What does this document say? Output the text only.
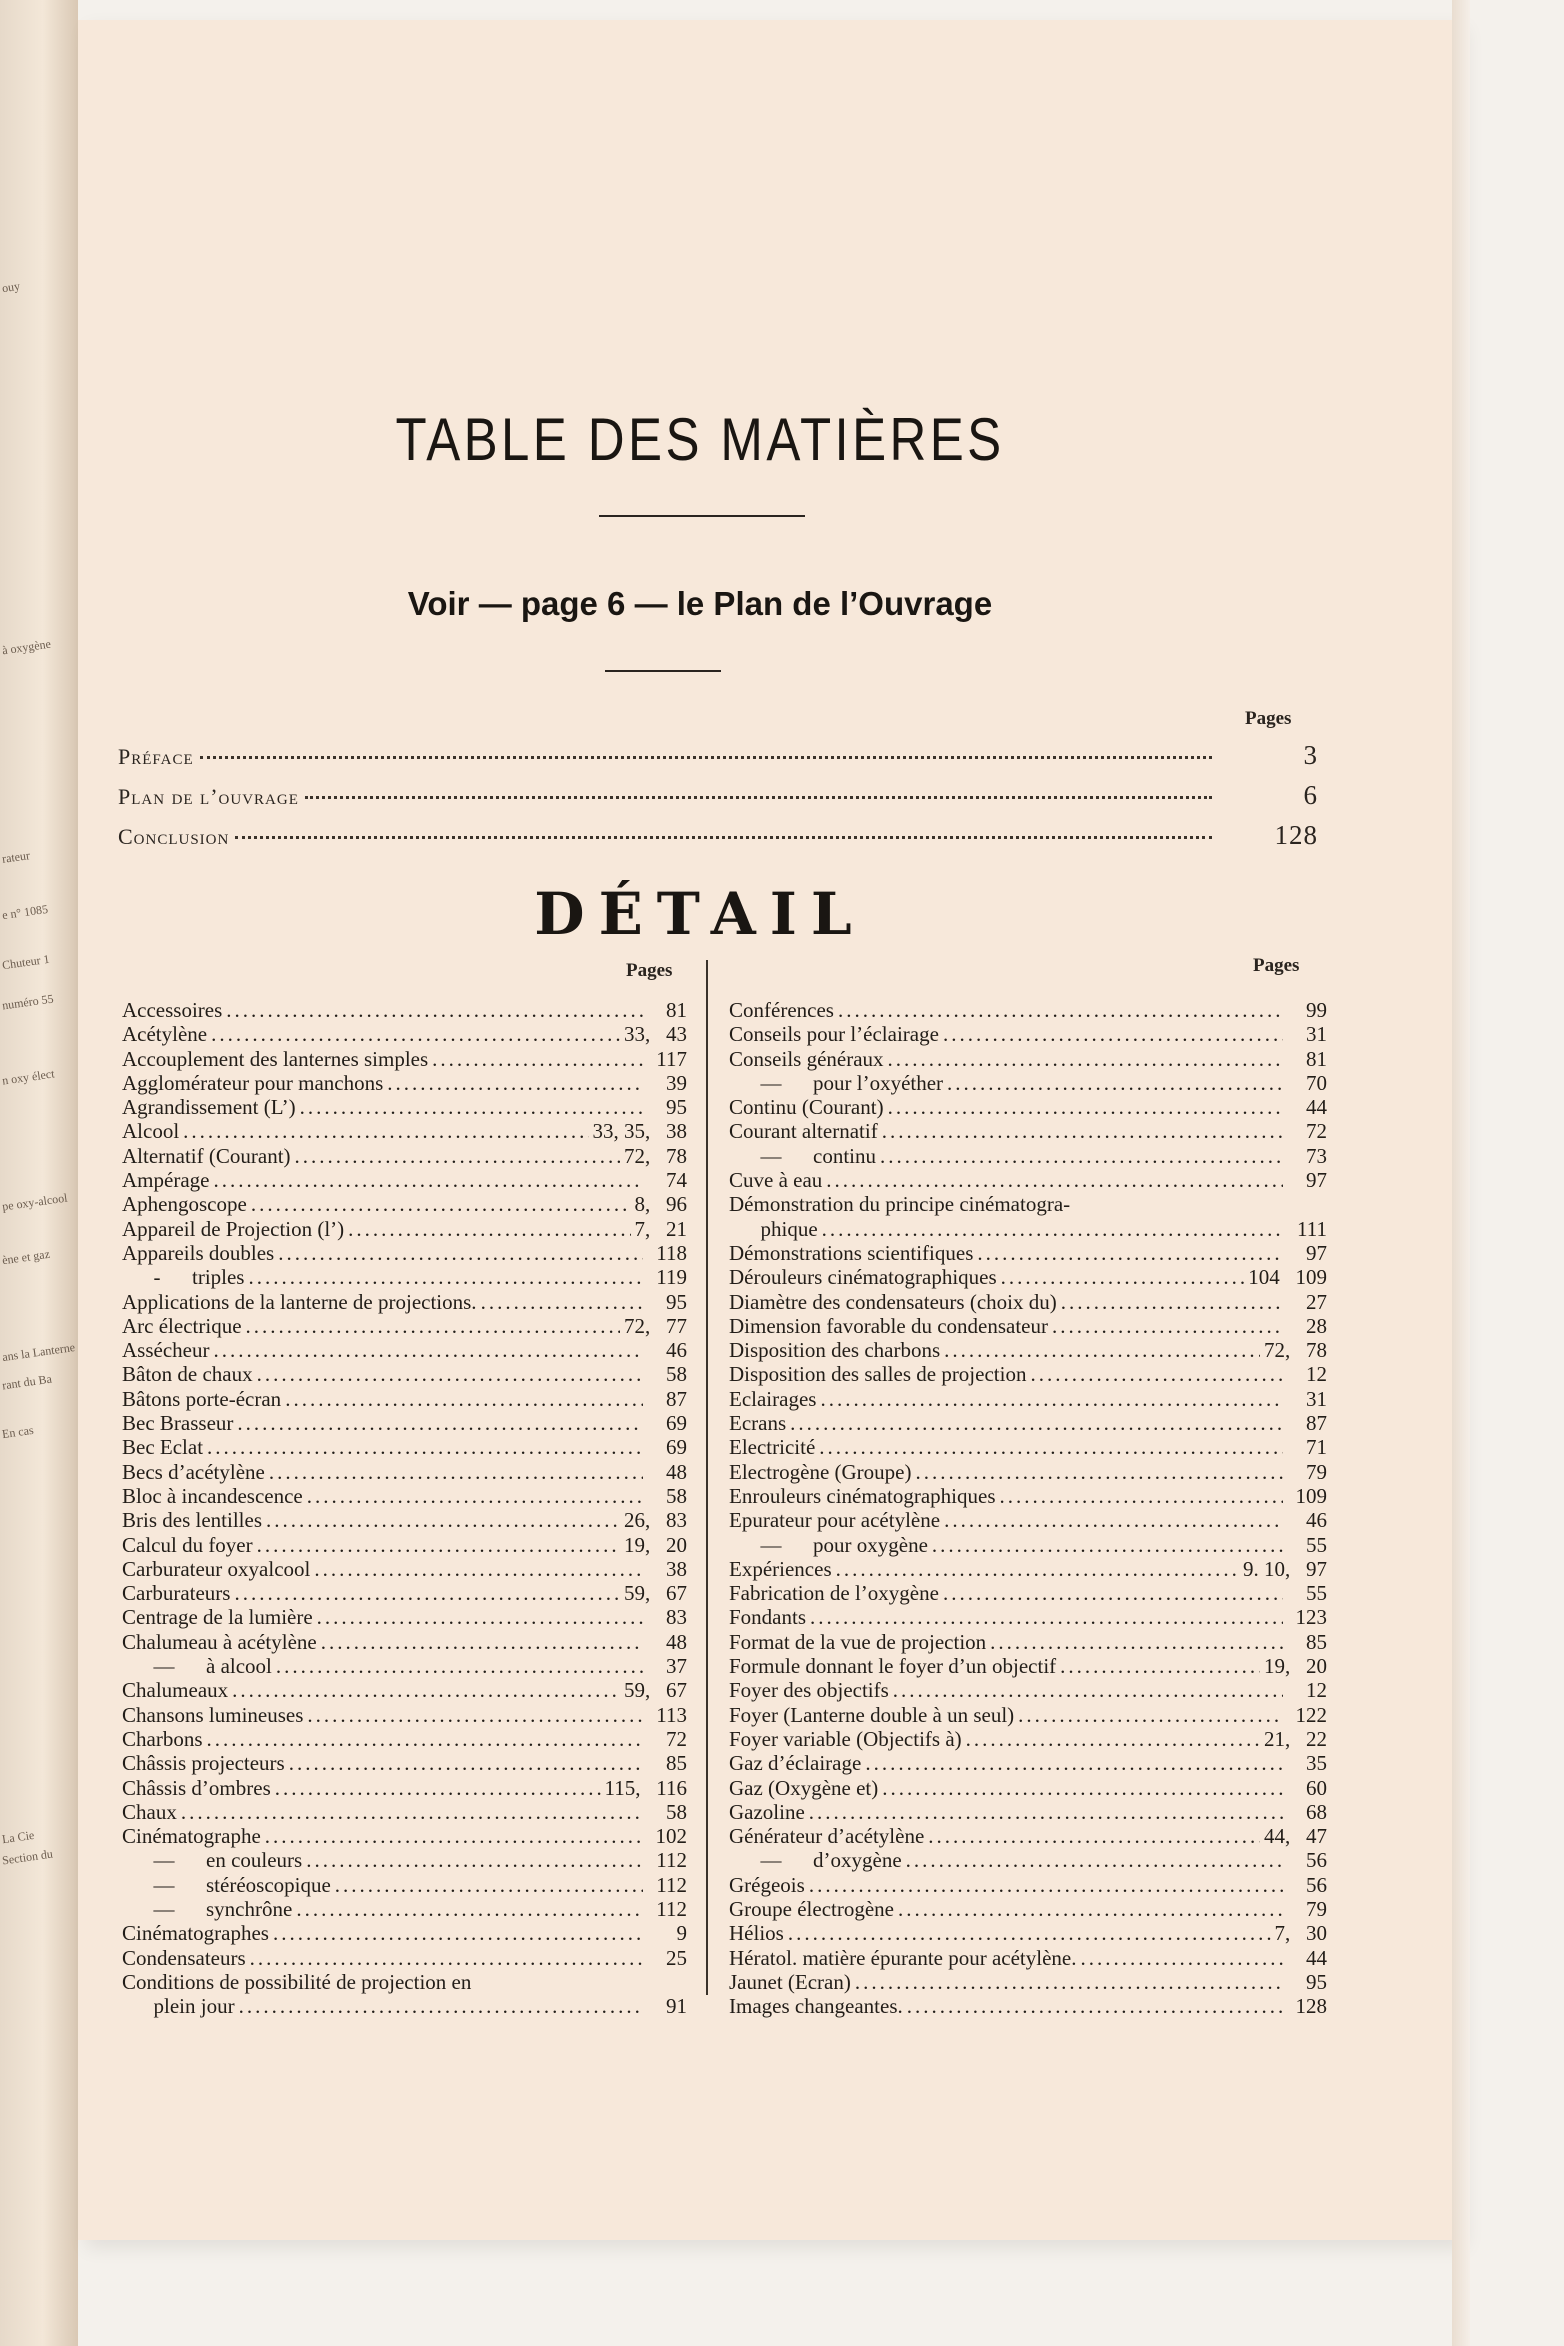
ouy
à oxygène
rateur
e n° 1085
Chuteur 1
numéro 55
n oxy élect
pe oxy-alcool
ène et gaz
ans la Lanterne
rant du Ba
En cas
La Cie
Section du
TABLE DES MATIÈRES
Voir — page 6 — le Plan de l’Ouvrage
Pages
Préface	3
Plan de l’ouvrage	6
Conclusion	128
DÉTAIL
Pages	Pages
Accessoires .....	81
Acétylène .....	33,   43
Accouplement des lanternes simples .....	117
Agglomérateur pour manchons .....	39
Agrandissement (L’) .....	95
Alcool .....	33, 35,   38
Alternatif (Courant) .....	72,   78
Ampérage .....	74
Aphengoscope .....	8,   96
Appareil de Projection (l’) .....	7,   21
Appareils doubles .....	118
-      triples .....	119
Applications de la lanterne de projections. .....	95
Arc électrique .....	72,   77
Assécheur .....	46
Bâton de chaux .....	58
Bâtons porte-écran .....	87
Bec Brasseur .....	69
Bec Eclat .....	69
Becs d’acétylène .....	48
Bloc à incandescence .....	58
Bris des lentilles .....	26,   83
Calcul du foyer .....	19,   20
Carburateur oxyalcool .....	38
Carburateurs .....	59,   67
Centrage de la lumière .....	83
Chalumeau à acétylène .....	48
—      à alcool .....	37
Chalumeaux .....	59,   67
Chansons lumineuses .....	113
Charbons .....	72
Châssis projecteurs .....	85
Châssis d’ombres .....	115,   116
Chaux .....	58
Cinématographe .....	102
—      en couleurs .....	112
—      stéréoscopique .....	112
—      synchrône .....	112
Cinématographes .....	9
Condensateurs .....	25
Conditions de possibilité de projection en
plein jour .....	91
Conférences .....	99
Conseils pour l’éclairage .....	31
Conseils généraux .....	81
—      pour l’oxyéther .....	70
Continu (Courant) .....	44
Courant alternatif .....	72
—      continu .....	73
Cuve à eau .....	97
Démonstration du principe cinématogra-
phique .....	111
Démonstrations scientifiques .....	97
Dérouleurs cinématographiques .....	104   109
Diamètre des condensateurs (choix du) .....	27
Dimension favorable du condensateur .....	28
Disposition des charbons .....	72,   78
Disposition des salles de projection .....	12
Eclairages .....	31
Ecrans .....	87
Electricité .....	71
Electrogène (Groupe) .....	79
Enrouleurs cinématographiques .....	109
Epurateur pour acétylène .....	46
—      pour oxygène .....	55
Expériences .....	9. 10,   97
Fabrication de l’oxygène .....	55
Fondants .....	123
Format de la vue de projection .....	85
Formule donnant le foyer d’un objectif .....	19,   20
Foyer des objectifs .....	12
Foyer (Lanterne double à un seul) .....	122
Foyer variable (Objectifs à) .....	21,   22
Gaz d’éclairage .....	35
Gaz (Oxygène et) .....	60
Gazoline .....	68
Générateur d’acétylène .....	44,   47
—      d’oxygène .....	56
Grégeois .....	56
Groupe électrogène .....	79
Hélios .....	7,   30
Hératol. matière épurante pour acétylène. .....	44
Jaunet (Ecran) .....	95
Images changeantes. .....	128
